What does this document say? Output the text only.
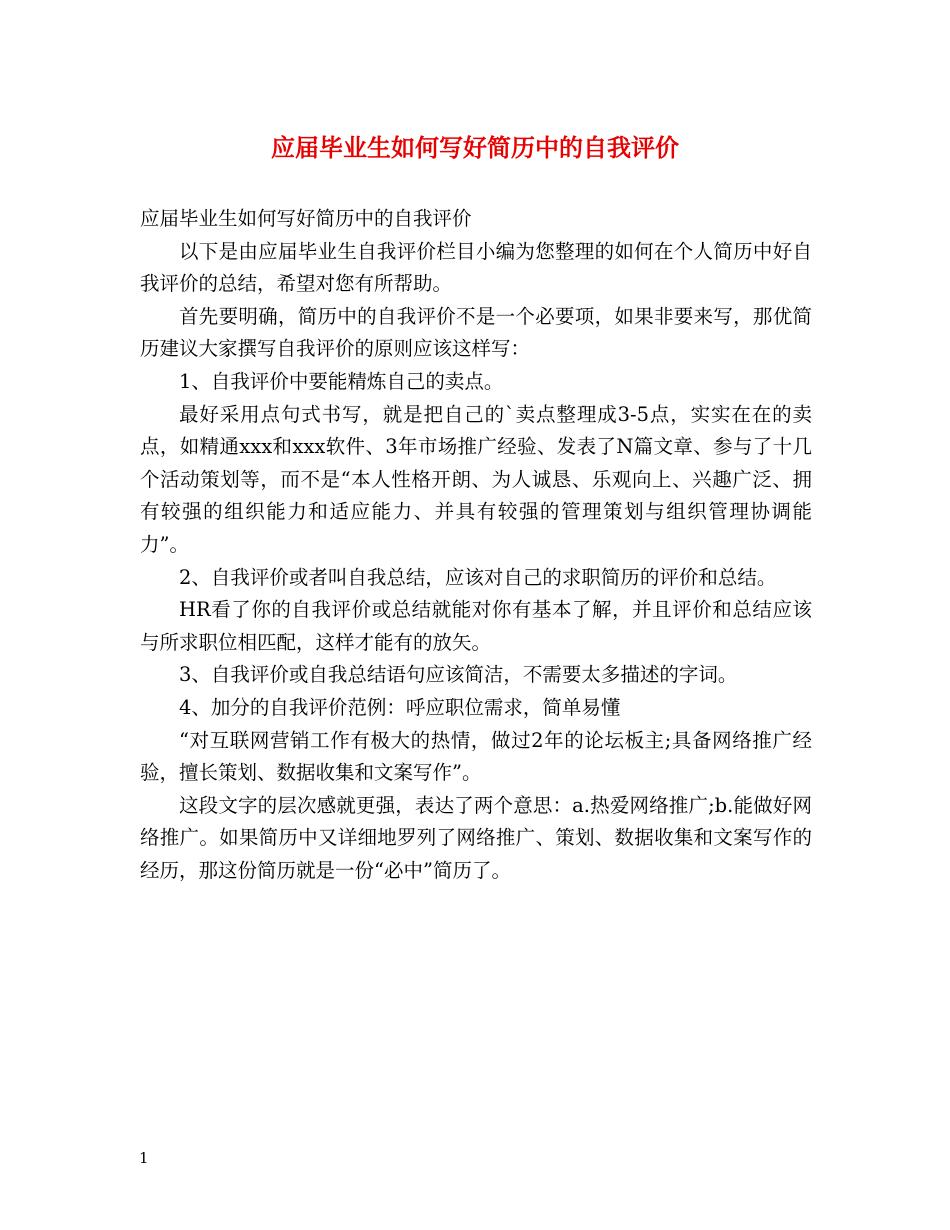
应届毕业生如何写好简历中的自我评价

应届毕业生如何写好简历中的自我评价

以下是由应届毕业生自我评价栏目小编为您整理的如何在个人简历中好自我评价的总结，希望对您有所帮助。

首先要明确，简历中的自我评价不是一个必要项，如果非要来写，那优简历建议大家撰写自我评价的原则应该这样写：

1、自我评价中要能精炼自己的卖点。

最好采用点句式书写，就是把自己的`卖点整理成3-5点，实实在在的卖点，如精通xxx和xxx软件、3年市场推广经验、发表了N篇文章、参与了十几个活动策划等，而不是“本人性格开朗、为人诚恳、乐观向上、兴趣广泛、拥有较强的组织能力和适应能力、并具有较强的管理策划与组织管理协调能力”。

2、自我评价或者叫自我总结，应该对自己的求职简历的评价和总结。

HR看了你的自我评价或总结就能对你有基本了解，并且评价和总结应该与所求职位相匹配，这样才能有的放矢。

3、自我评价或自我总结语句应该简洁，不需要太多描述的字词。

4、加分的自我评价范例：呼应职位需求，简单易懂

“对互联网营销工作有极大的热情，做过2年的论坛板主;具备网络推广经验，擅长策划、数据收集和文案写作”。

这段文字的层次感就更强，表达了两个意思：a.热爱网络推广;b.能做好网络推广。如果简历中又详细地罗列了网络推广、策划、数据收集和文案写作的经历，那这份简历就是一份“必中”简历了。

1
